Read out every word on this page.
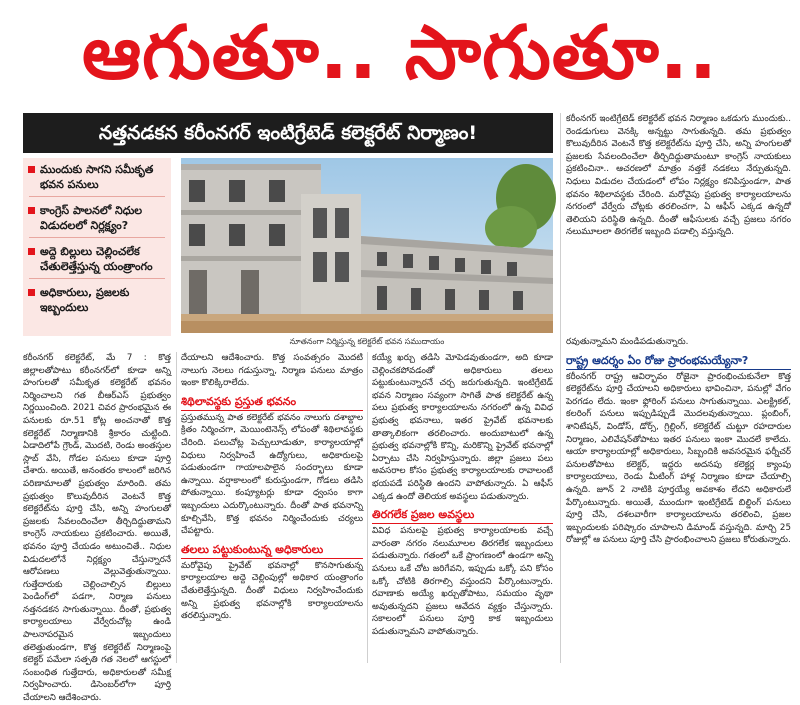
ఆగుతూ.. సాగుతూ..
నత్తనడకన కరీంనగర్ ఇంటిగ్రేటెడ్ కలెక్టరేట్ నిర్మాణం!
ముందుకు సాగని సమీకృత భవన పనులు
కాంగ్రెస్ పాలనలో నిధుల విడుదలలో నిర్లక్ష్యం?
అద్దె బిల్లులు చెల్లించలేక చేతులెత్తేస్తున్న యంత్రాంగం
అధికారులు, ప్రజలకు ఇబ్బందులు
నూతనంగా నిర్మిస్తున్న కలెక్టరేట్ భవన సముదాయం

కరీంనగర్ కలెక్టరేట్, మే 7 : కొత్త జిల్లాలతోపాటు కరీంనగర్‌లో కూడా అన్ని హంగులతో సమీకృత కలెక్టరేట్ భవనం నిర్మించాలని గత బీఆర్ఎస్ ప్రభుత్వం నిర్ణయించింది. 2021 చివర ప్రారంభమైన ఈ పనులకు రూ.51 కోట్ల అంచనాతో కొత్త కలెక్టరేట్ నిర్మాణానికి శ్రీకారం చుట్టింది. ఏడాదిలోపే గ్రౌండ్, మొదటి, రెండు అంతస్తుల స్లాబ్ వేసి, గోడల పనులు కూడా పూర్తి చేశారు. అయితే, అనంతరం కాలంలో జరిగిన పరిణామాలతో ప్రభుత్వం మారింది. తమ ప్రభుత్వం కొలువుదీరిన వెంటనే కొత్త కలెక్టరేట్‌ను పూర్తి చేసి, అన్ని హంగులతో ప్రజలకు సేవలందించేలా తీర్చిదిద్దుతామని కాంగ్రెస్ నాయకులు ప్రకటించారు. అయితే, భవనం పూర్తి చేయడం అటుంచితే.. నిధుల విడుదలలోనే నిర్లక్ష్యం చేస్తున్నారనే ఆరోపణలు వెల్లువెత్తుతున్నాయి. గుత్తేదారుకు చెల్లించాల్సిన బిల్లులు పెండింగ్‌లో పడగా, నిర్మాణ పనులు నత్తనడకన సాగుతున్నాయి. దీంతో, ప్రభుత్వ కార్యాలయాలు వేర్వేరుచోట్ల ఉండి పాలనాపరమైన ఇబ్బందులు తలెత్తుతుండగా, కొత్త కలెక్టరేట్ నిర్మాణంపై కలెక్టర్ పమేలా సత్పతి గత నెలలో ఆగస్టులో సంబంధిత గుత్తేదారు, అధికారులతో సమీక్ష నిర్వహించారు. డిసెంబర్‌లోగా పూర్తి చేయాలని ఆదేశించారు.

దేయాలని ఆదేశించారు. కొత్త సంవత్సరం మొదటి నాలుగు నెలలు గడుస్తున్నా, నిర్మాణ పనులు మాత్రం ఇంకా కొలిక్కిరాలేదు.

శిథిలావస్థకు ప్రస్తుత భవనం

ప్రస్తుతమున్న పాత కలెక్టరేట్ భవనం నాలుగు దశాబ్దాల క్రితం నిర్మించగా, మెయింటెనెన్స్ లోపంతో శిథిలావస్థకు చేరింది. పలుచోట్ల పెచ్చులూడుతూ, కార్యాలయాల్లో విధులు నిర్వహించే ఉద్యోగులు, అధికారులపై పడుతుండగా గాయాలపాలైన సందర్భాలు కూడా ఉన్నాయి. వర్షాకాలంలో కురుస్తుండగా, గోడలు తడిసి పోతున్నాయి. కంప్యూటర్లు కూడా ధ్వంసం కాగా ఇబ్బందులు ఎదుర్కొంటున్నారు. దీంతో పాత భవనాన్ని కూల్చివేసి, కొత్త భవనం నిర్మించేందుకు చర్యలు చేపట్టారు.

తలలు పట్టుకుంటున్న అధికారులు

మరోవైపు ప్రైవేట్ భవనాల్లో కొనసాగుతున్న కార్యాలయాల అద్దె చెల్లింపుల్లో అధికార యంత్రాంగం చేతులెత్తేస్తున్నది. దీంతో విధులు నిర్వహించేందుకు అన్ని ప్రభుత్వ భవనాల్లోకి కార్యాలయాలను తరలిస్తున్నారు.

కయ్యే ఖర్చు తడిసి మోపెడవుతుండగా, అది కూడా చెల్లించకపోవడంతో అధికారులు తలలు పట్టుకుంటున్నారనే చర్చ జరుగుతున్నది. ఇంటిగ్రేటెడ్ భవన నిర్మాణం సవ్యంగా సాగితే పాత కలెక్టరేట్ ఉన్న పలు ప్రభుత్వ కార్యాలయాలను నగరంలో ఉన్న వివిధ ప్రభుత్వ భవనాలు, ఇతర ప్రైవేట్ భవనాలకు తాత్కాలికంగా తరలించారు. అందుబాటులో ఉన్న ప్రభుత్వ భవనాల్లోకి కొన్ని, మరికొన్ని ప్రైవేట్ భవనాల్లో ఏర్పాటు చేసి నిర్వహిస్తున్నారు. జిల్లా ప్రజలు పలు అవసరాల కోసం ప్రభుత్వ కార్యాలయాలకు రావాలంటే భయపడే పరిస్థితి ఉందని వాపోతున్నారు. ఏ ఆఫీస్ ఎక్కడ ఉందో తెలియక అవస్థలు పడుతున్నారు.

తిరగలేక ప్రజల అవస్థలు

వివిధ పనులపై ప్రభుత్వ కార్యాలయాలకు వచ్చే వారంతా నగరం నలుమూలల తిరగలేక ఇబ్బందులు పడుతున్నారు. గతంలో ఒకే ప్రాంగణంలో ఉండగా అన్ని పనులు ఒకే చోట జరిగేవని, ఇప్పుడు ఒక్కో పని కోసం ఒక్కో చోటికి తిరగాల్సి వస్తుందని పేర్కొంటున్నారు. రవాణాకు అయ్యే ఖర్చుతోపాటు, సమయం వృథా అవుతున్నదని ప్రజలు ఆవేదన వ్యక్తం చేస్తున్నారు. సకాలంలో పనులు పూర్తి కాక ఇబ్బందులు పడుతున్నామని వాపోతున్నారు.

కరీంనగర్ ఇంటిగ్రేటెడ్ కలెక్టరేట్ భవన నిర్మాణం ఒకడుగు ముందుకు.. రెండడుగులు వెనక్కి అన్నట్టు సాగుతున్నది. తమ ప్రభుత్వం కొలువుదీరిన వెంటనే కొత్త కలెక్టరేట్‌ను పూర్తి చేసి, అన్ని హంగులతో ప్రజలకు సేవలందించేలా తీర్చిదిద్దుతామంటూ కాంగ్రెస్ నాయకులు ప్రకటించినా.. ఆచరణలో మాత్రం నత్తకే నడకలు నేర్పుతున్నది. నిధులు విడుదల చేయడంలో లోపం నిర్లక్ష్యం కనిపిస్తుండగా, పాత భవనం శిథిలావస్థకు చేరింది. మరోవైపు ప్రభుత్వ కార్యాలయాలను నగరంలో వేర్వేరు చోట్లకు తరలించగా, ఏ ఆఫీస్ ఎక్కడ ఉన్నదో తెలియని పరిస్థితి ఉన్నది. దీంతో ఆఫీసులకు వచ్చే ప్రజలు నగరం నలుమూలలా తిరగలేక ఇబ్బంది పడాల్సి వస్తున్నది.

రవుతున్నామని మండిపడుతున్నారు.

రాష్ట్ర ఆదర్శం ఏం రోజు ప్రారంభమయ్యేనా?

కరీంనగర్ రాష్ట్ర ఆవిర్భావం రోజైనా ప్రారంభించుకునేలా కొత్త కలెక్టరేట్‌ను పూర్తి చేయాలని అధికారులు భావించినా, పనుల్లో వేగం పెరగడం లేదు. ఇంకా ఫ్లోరింగ్ పనులు సాగుతున్నాయి. ఎలక్ట్రికల్, కలరింగ్ పనులు ఇప్పుడిప్పుడే మొదలవుతున్నాయి. ప్లంబింగ్, శానిటేషన్, విండోస్, డోర్స్, గ్రిల్లింగ్, కలెక్టరేట్ చుట్టూ రహదారుల నిర్మాణం, ఎలివేషన్‌తోపాటు ఇతర పనులు ఇంకా మొదలే కాలేదు. ఆయా కార్యాలయాల్లో అధికారులు, సిబ్బందికి అవసరమైన ఫర్నీచర్ పనులతోపాటు కలెక్టర్, ఇద్దరు అదనపు కలెక్టర్ల క్యాంపు కార్యాలయాలు, రెండు మీటింగ్ హాళ్ల నిర్మాణం కూడా చేయాల్సి ఉన్నది. జూన్ 2 నాటికి పూర్తయ్యే అవకాశం లేదని అధికారులే పేర్కొంటున్నారు. అయితే, ముందుగా ఇంటిగ్రేటెడ్ బిల్డింగ్ పనులు పూర్తి చేసి, దశలవారీగా కార్యాలయాలను తరలించి, ప్రజల ఇబ్బందులకు పరిష్కారం చూపాలని డిమాండ్ వస్తున్నది. మార్చి 25 రోజుల్లో ఆ పనులు పూర్తి చేసి ప్రారంభించాలని ప్రజలు కోరుతున్నారు.
